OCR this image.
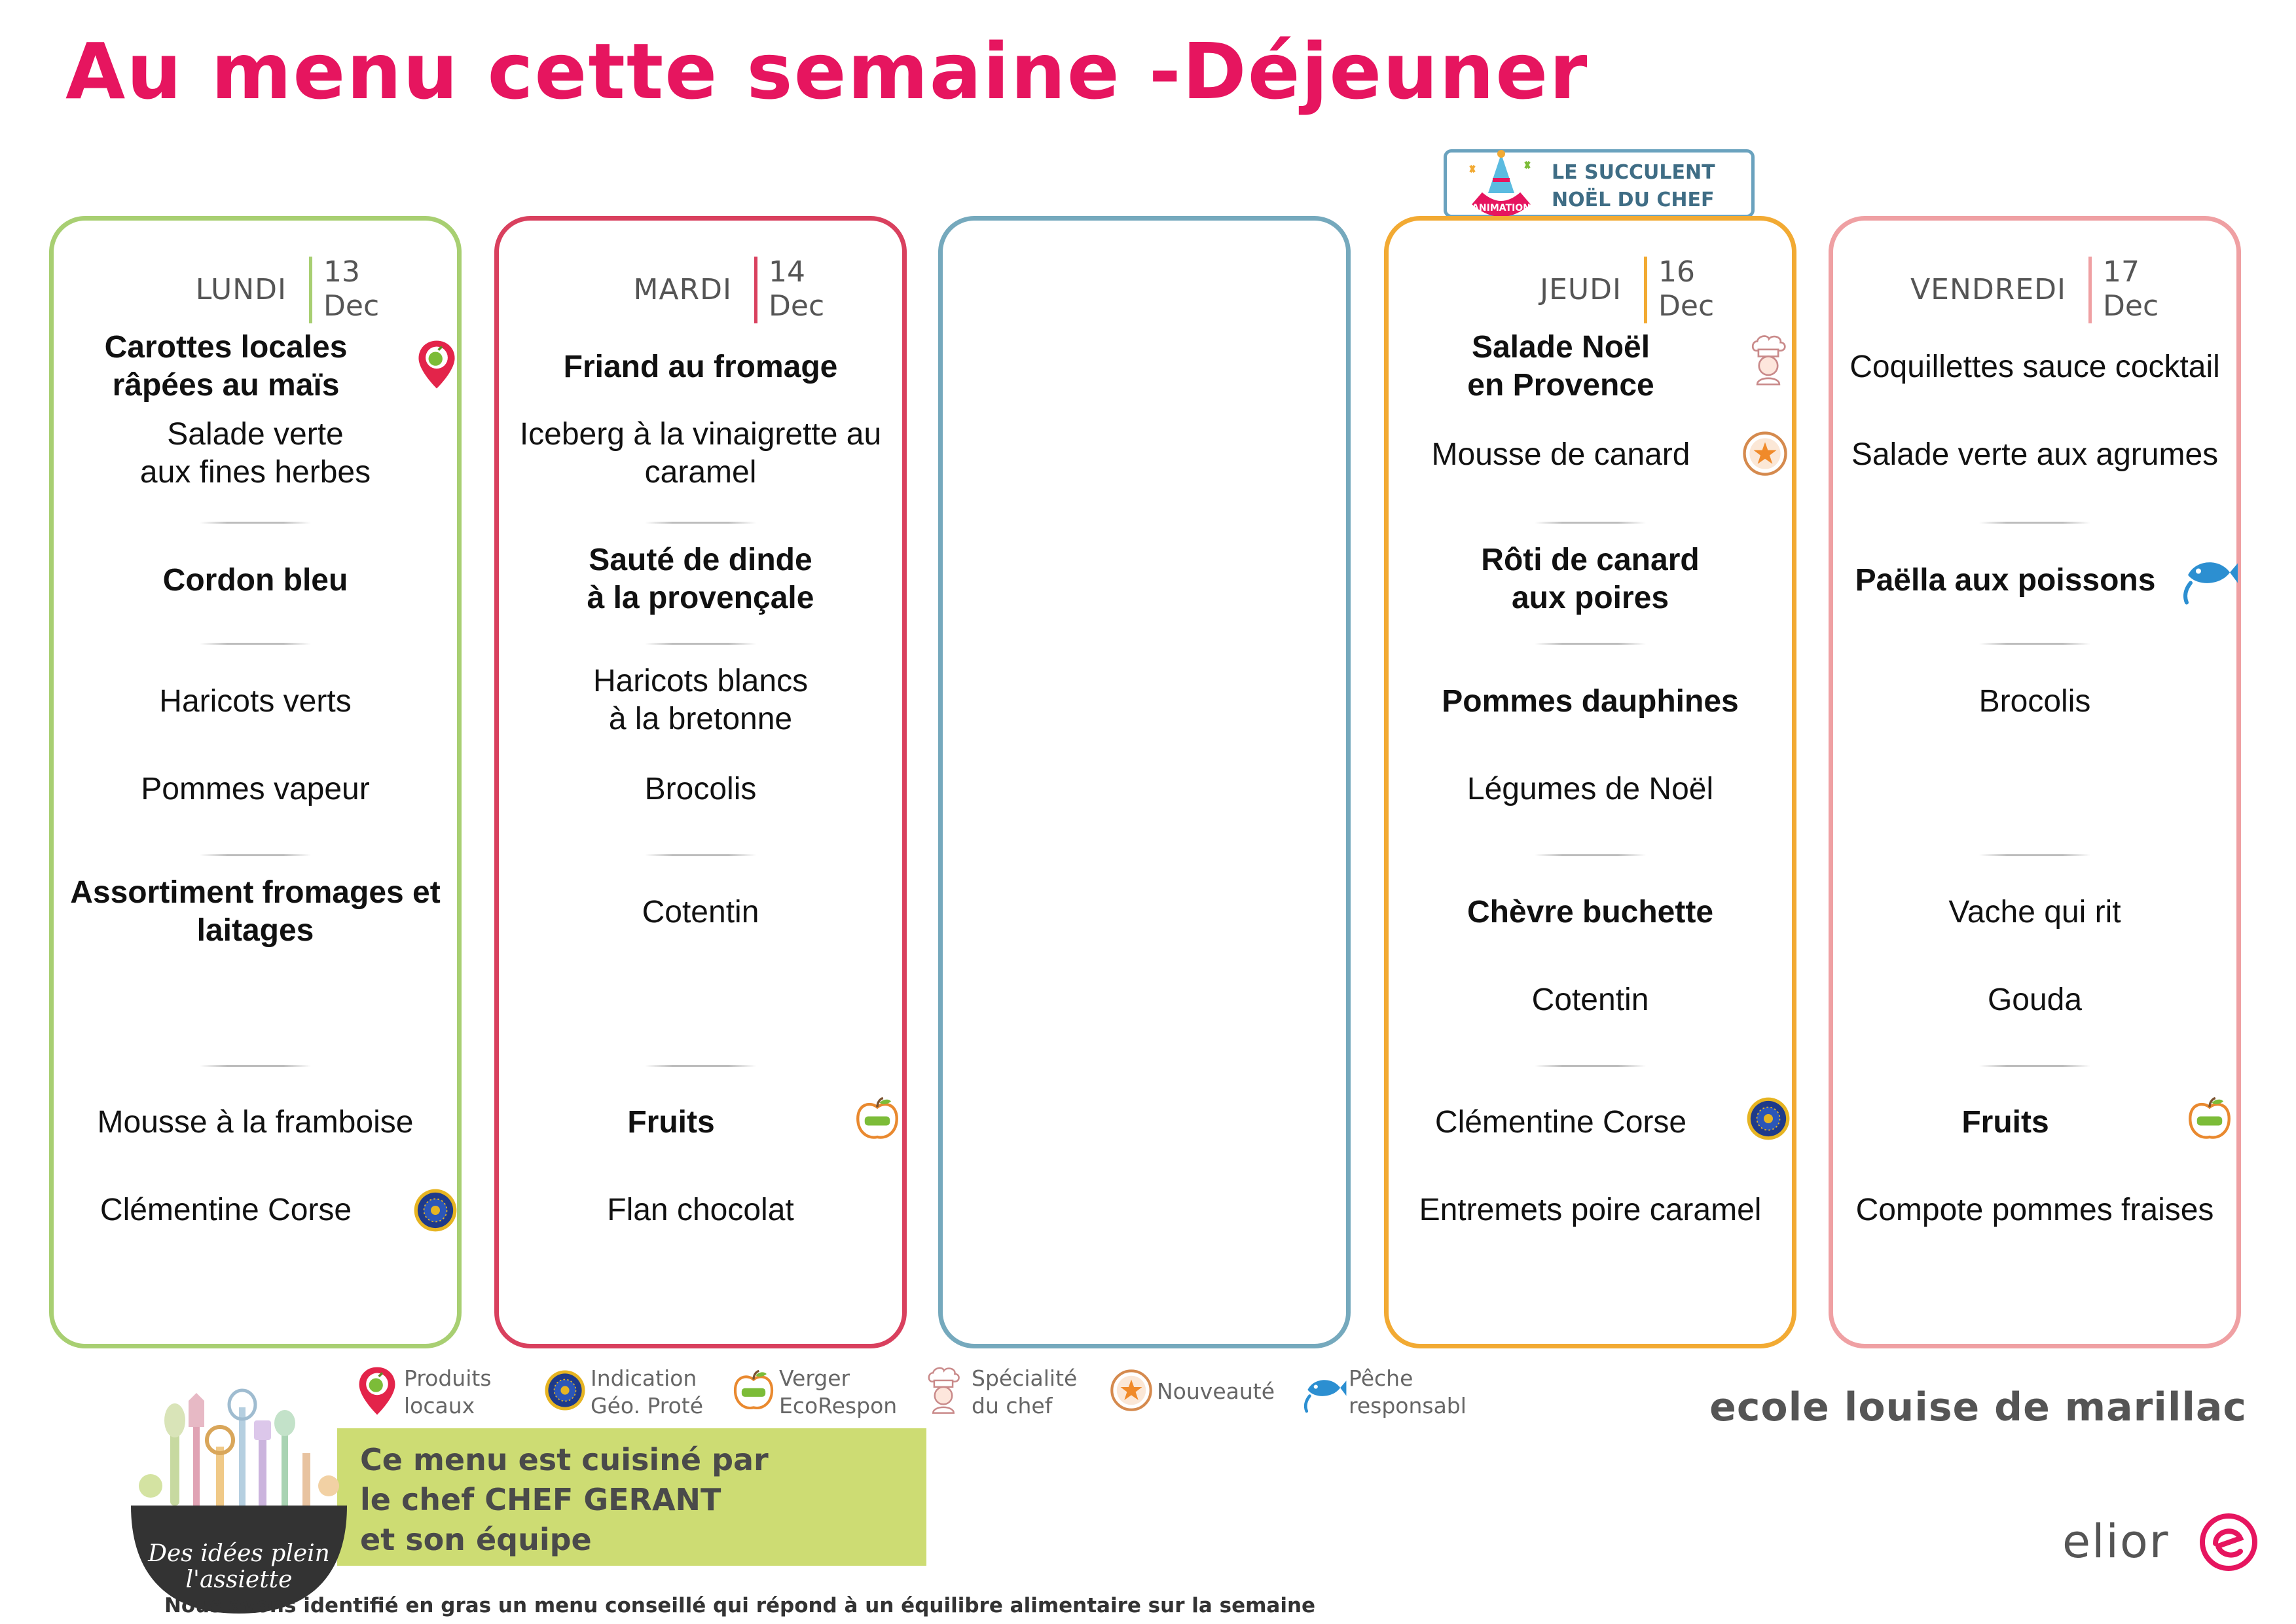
Au menu cette semaine -Déjeuner
ANIMATION
LE SUCCULENT
NOËL DU CHEF
LUNDI
13
Dec
Carottes locales
râpées au maïs
Salade verte
aux fines herbes
Cordon bleu
Haricots verts
Pommes vapeur
Assortiment fromages et
laitages
Mousse à la framboise
Clémentine Corse
MARDI
14
Dec
Friand au fromage
Iceberg à la vinaigrette au
caramel
Sauté de dinde
à la provençale
Haricots blancs
à la bretonne
Brocolis
Cotentin
Fruits
Flan chocolat
JEUDI
16
Dec
Salade Noël
en Provence
Mousse de canard
Rôti de canard
aux poires
Pommes dauphines
Légumes de Noël
Chèvre buchette
Cotentin
Clémentine Corse
Entremets poire caramel
VENDREDI
17
Dec
Coquillettes sauce cocktail
Salade verte aux agrumes
Paëlla aux poissons
Brocolis
Vache qui rit
Gouda
Fruits
Compote pommes fraises
Produits
locaux
Indication
Géo. Proté
Verger
EcoRespon
Spécialité
du chef
Nouveauté
Pêche
responsabl	ecole louise de marillac
Des idées plein
l'assiette
Ce menu est cuisiné par
le chef CHEF GERANT
et son équipe	elior
Nous avons identifié en gras un menu conseillé qui répond à un équilibre alimentaire sur la semaine
